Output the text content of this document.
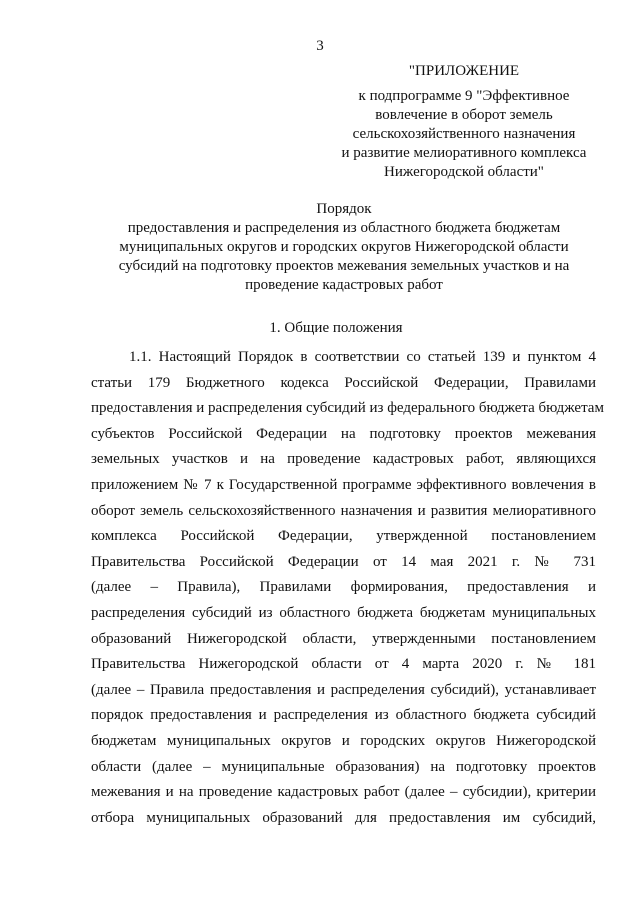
3
"ПРИЛОЖЕНИЕ
к подпрограмме 9 "Эффективное
вовлечение в оборот земель
сельскохозяйственного назначения
и развитие мелиоративного комплекса
Нижегородской области"
Порядок
предоставления и распределения из областного бюджета бюджетам
муниципальных округов и городских округов Нижегородской области
субсидий на подготовку проектов межевания земельных участков и на
проведение кадастровых работ
1. Общие положения
1.1. Настоящий Порядок в соответствии со статьей 139 и пунктом 4
статьи 179 Бюджетного кодекса Российской Федерации, Правилами
предоставления и распределения субсидий из федерального бюджета бюджетам
субъектов Российской Федерации на подготовку проектов межевания
земельных участков и на проведение кадастровых работ, являющихся
приложением № 7 к Государственной программе эффективного вовлечения в
оборот земель сельскохозяйственного назначения и развития мелиоративного
комплекса Российской Федерации, утвержденной постановлением
Правительства Российской Федерации от 14 мая 2021 г. № 731
(далее – Правила), Правилами формирования, предоставления и
распределения субсидий из областного бюджета бюджетам муниципальных
образований Нижегородской области, утвержденными постановлением
Правительства Нижегородской области от 4 марта 2020 г. № 181
(далее – Правила предоставления и распределения субсидий), устанавливает
порядок предоставления и распределения из областного бюджета субсидий
бюджетам муниципальных округов и городских округов Нижегородской
области (далее – муниципальные образования) на подготовку проектов
межевания и на проведение кадастровых работ (далее – субсидии), критерии
отбора муниципальных образований для предоставления им субсидий,
